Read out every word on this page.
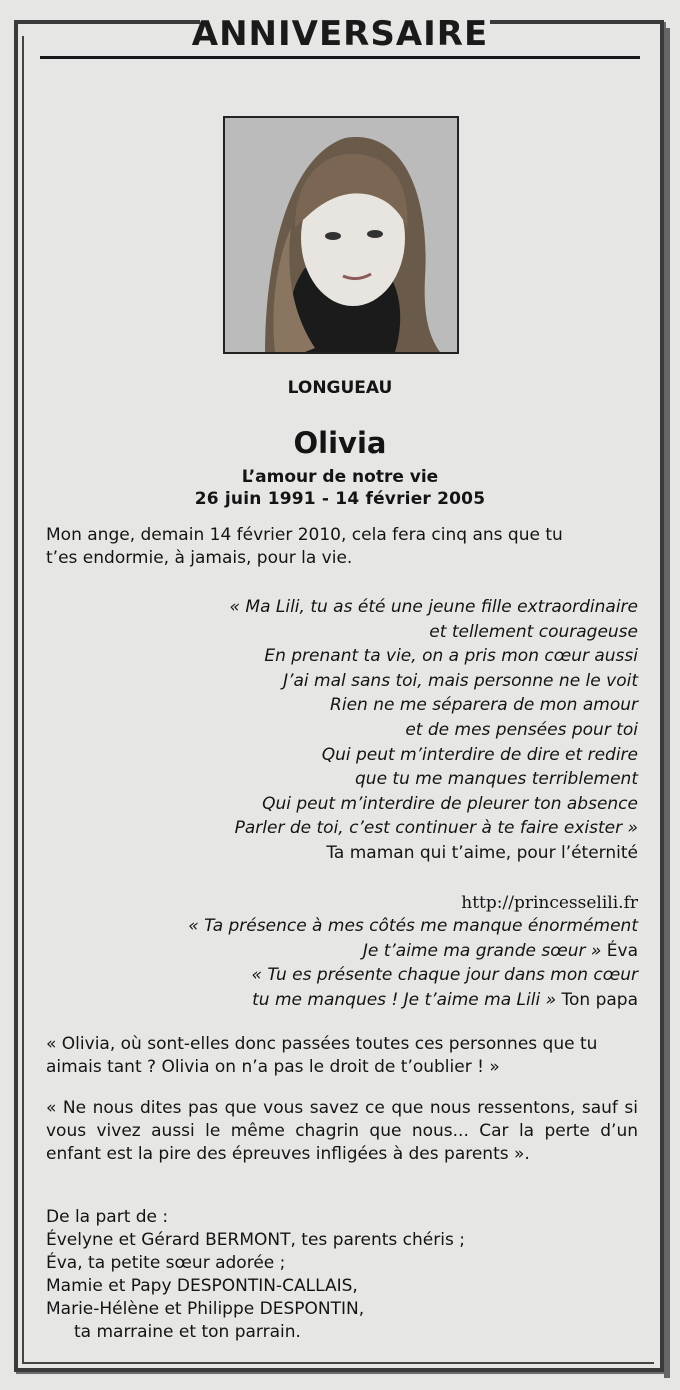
ANNIVERSAIRE
LONGUEAU
Olivia
L’amour de notre vie
26 juin 1991 - 14 février 2005
Mon ange, demain 14 février 2010, cela fera cinq ans que tu
t’es endormie, à jamais, pour la vie.
« Ma Lili, tu as été une jeune fille extraordinaire
et tellement courageuse
En prenant ta vie, on a pris mon cœur aussi
J’ai mal sans toi, mais personne ne le voit
Rien ne me séparera de mon amour
et de mes pensées pour toi
Qui peut m’interdire de dire et redire
que tu me manques terriblement
Qui peut m’interdire de pleurer ton absence
Parler de toi, c’est continuer à te faire exister »
Ta maman qui t’aime, pour l’éternité
http://princesselili.fr
« Ta présence à mes côtés me manque énormément
Je t’aime ma grande sœur » Éva
« Tu es présente chaque jour dans mon cœur
tu me manques ! Je t’aime ma Lili » Ton papa
« Olivia, où sont-elles donc passées toutes ces personnes que tu
aimais tant ? Olivia on n’a pas le droit de t’oublier ! »
« Ne nous dites pas que vous savez ce que nous ressentons, sauf si vous vivez aussi le même chagrin que nous... Car la perte d’un enfant est la pire des épreuves infligées à des parents ».
De la part de :
Évelyne et Gérard BERMONT, tes parents chéris ;
Éva, ta petite sœur adorée ;
Mamie et Papy DESPONTIN-CALLAIS,
Marie-Hélène et Philippe DESPONTIN,
ta marraine et ton parrain.
